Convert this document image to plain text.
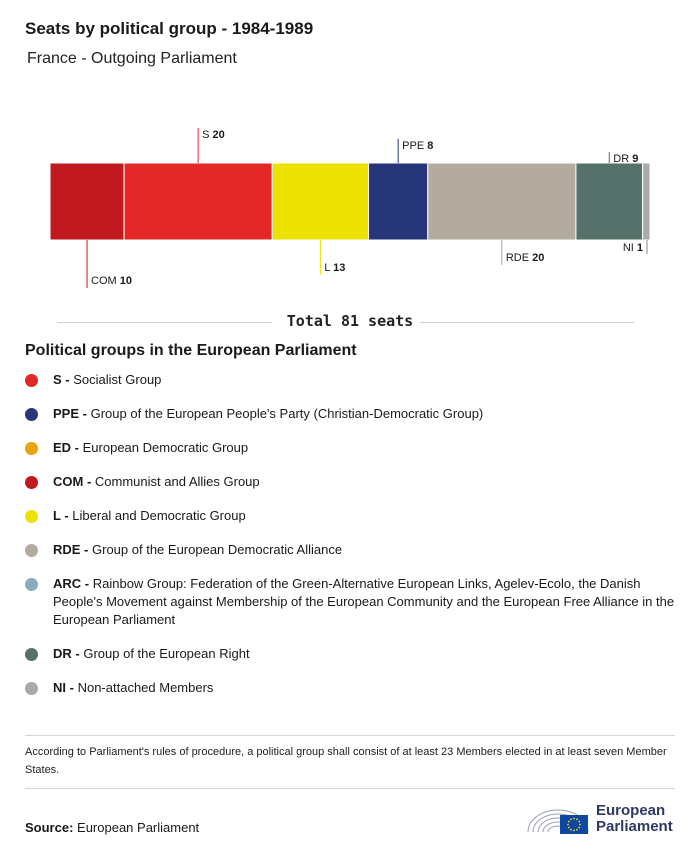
Seats by political group - 1984-1989
France - Outgoing Parliament
COM 10
S 20
L 13
PPE 8
RDE 20
DR 9
NI 1
Total 81 seats
Political groups in the European Parliament
S - Socialist Group
PPE - Group of the European People's Party (Christian-Democratic Group)
ED - European Democratic Group
COM - Communist and Allies Group
L - Liberal and Democratic Group
RDE - Group of the European Democratic Alliance
ARC - Rainbow Group: Federation of the Green-Alternative European Links, Agelev-Ecolo, the Danish People's Movement against Membership of the European Community and the European Free Alliance in the European Parliament
DR - Group of the European Right
NI - Non-attached Members
According to Parliament's rules of procedure, a political group shall consist of at least 23 Members elected in at least seven Member States.
Source: European Parliament
European
Parliament
